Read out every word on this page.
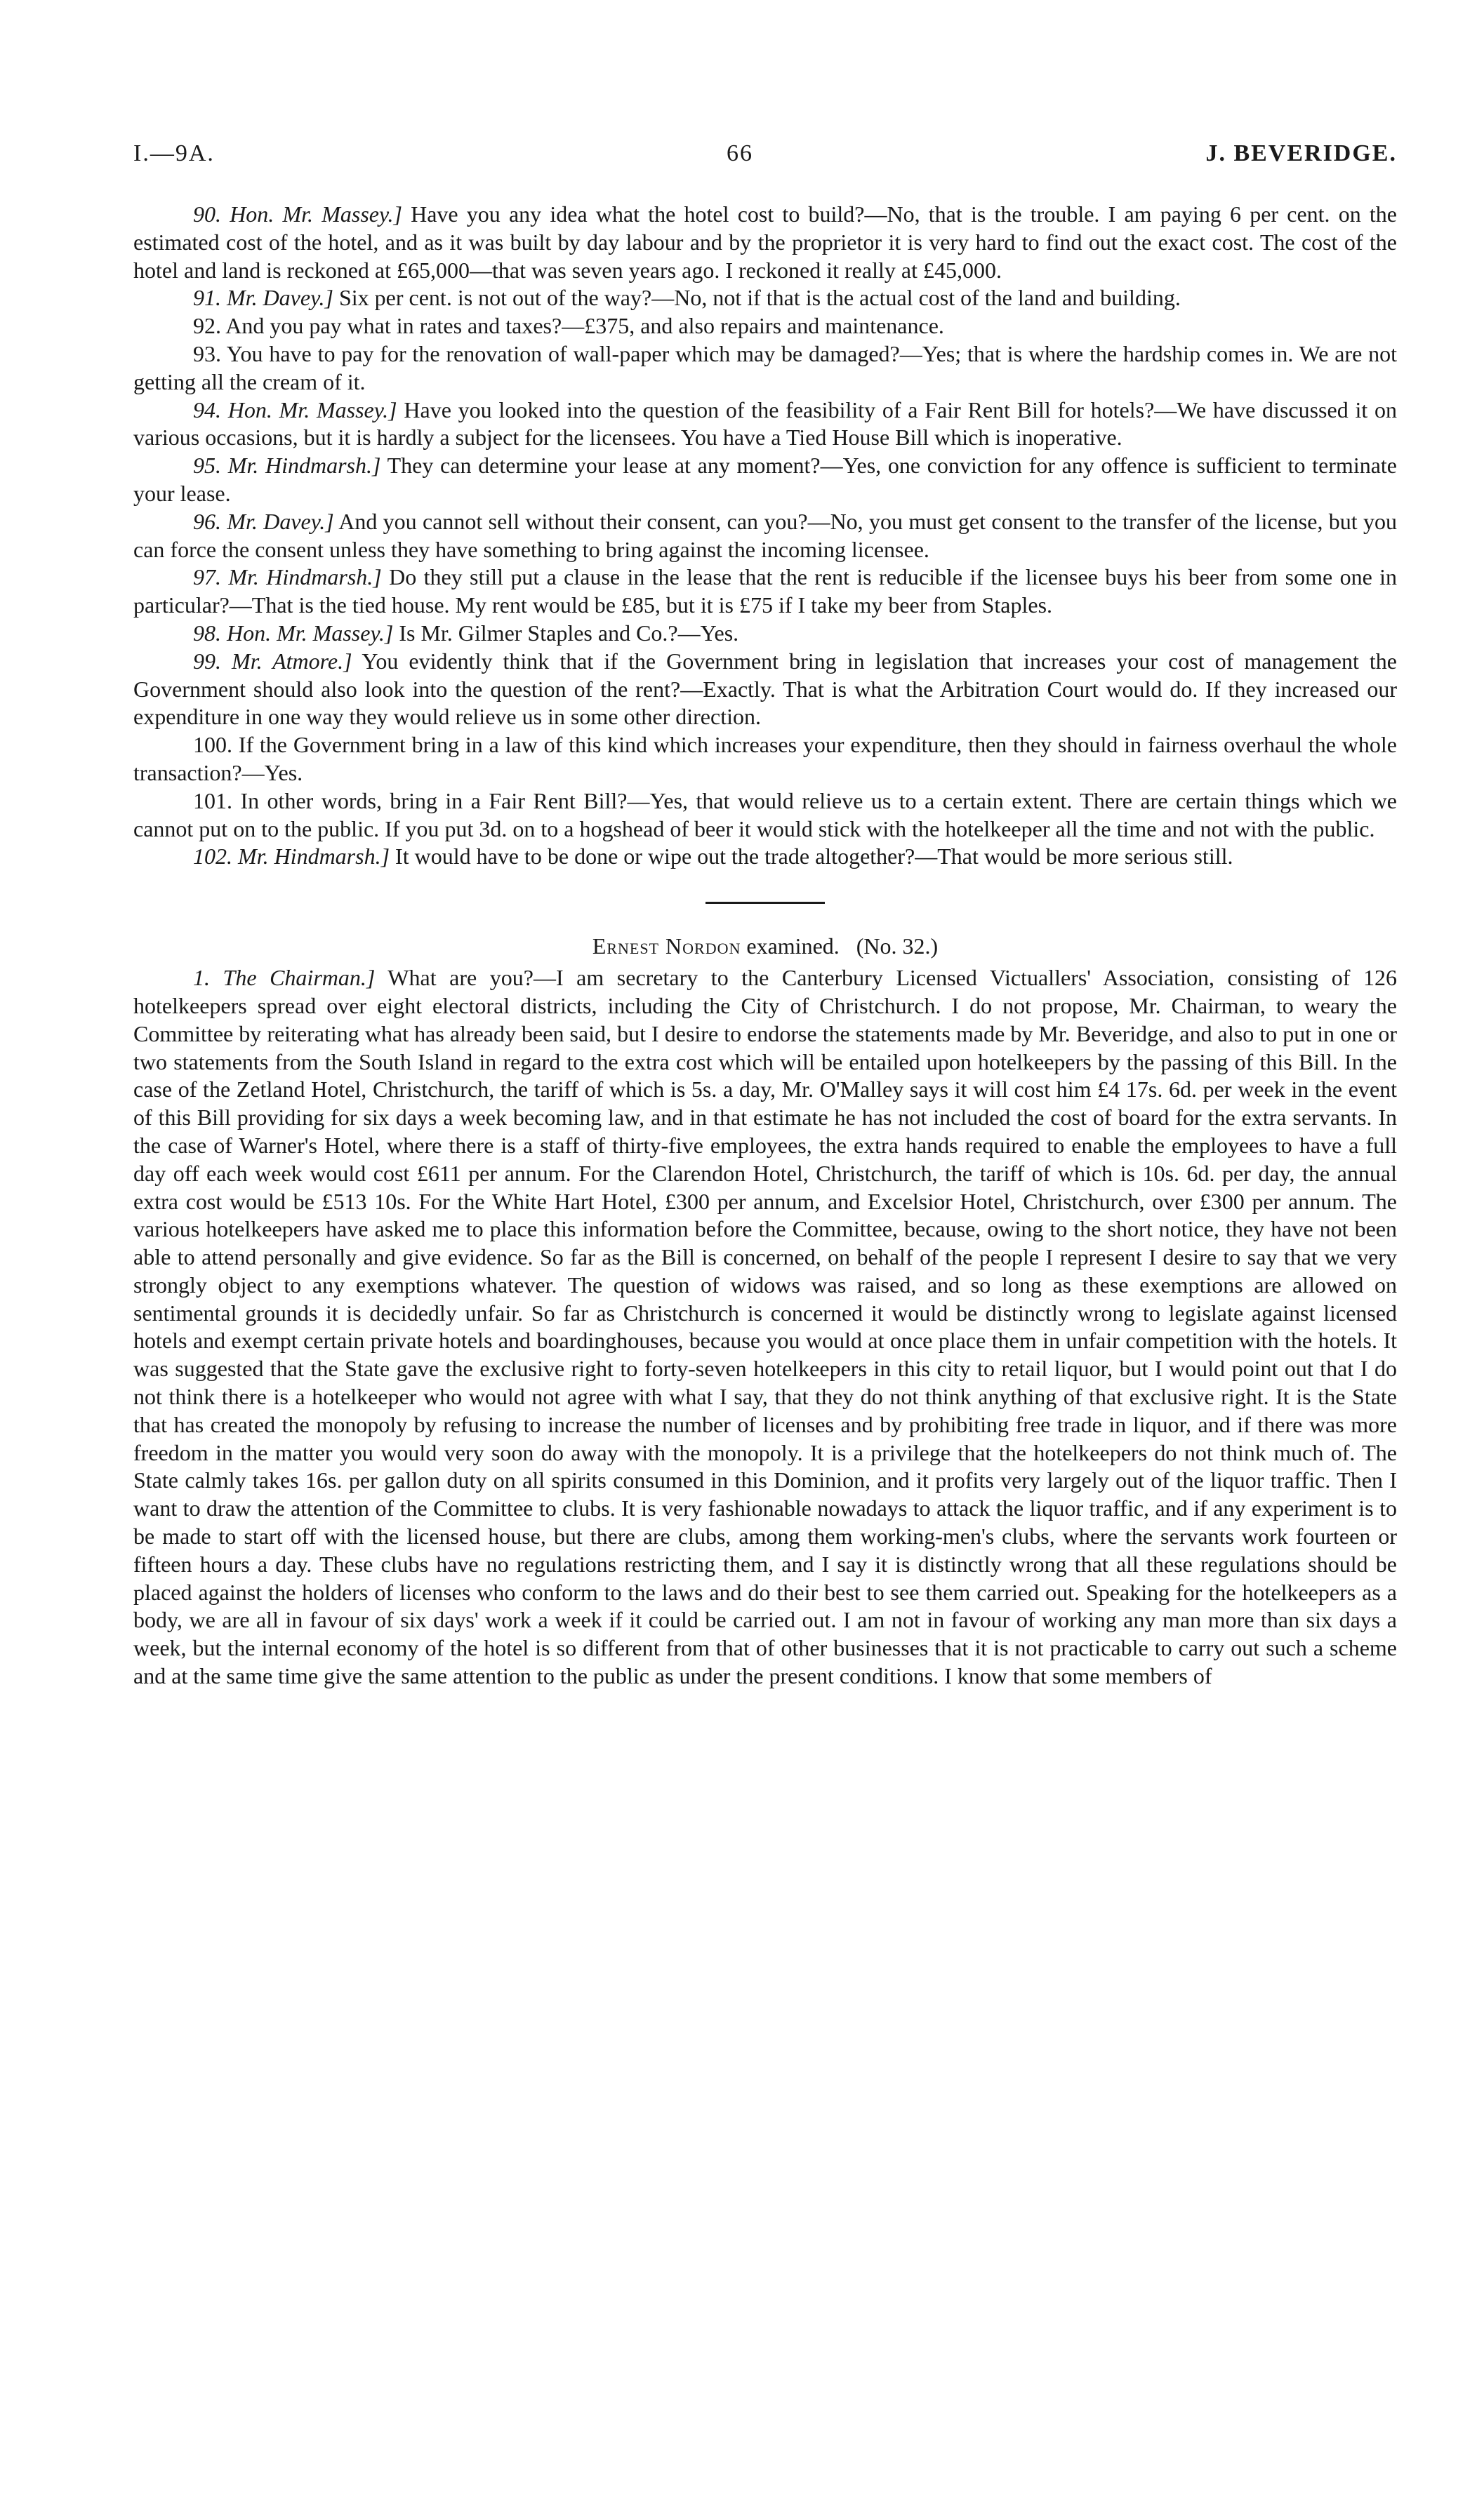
I.—9A.	66	J. BEVERIDGE.

90. Hon. Mr. Massey.] Have you any idea what the hotel cost to build?—No, that is the trouble. I am paying 6 per cent. on the estimated cost of the hotel, and as it was built by day labour and by the proprietor it is very hard to find out the exact cost. The cost of the hotel and land is reckoned at £65,000—that was seven years ago. I reckoned it really at £45,000.

91. Mr. Davey.] Six per cent. is not out of the way?—No, not if that is the actual cost of the land and building.

92. And you pay what in rates and taxes?—£375, and also repairs and maintenance.

93. You have to pay for the renovation of wall-paper which may be damaged?—Yes; that is where the hardship comes in. We are not getting all the cream of it.

94. Hon. Mr. Massey.] Have you looked into the question of the feasibility of a Fair Rent Bill for hotels?—We have discussed it on various occasions, but it is hardly a subject for the licensees. You have a Tied House Bill which is inoperative.

95. Mr. Hindmarsh.] They can determine your lease at any moment?—Yes, one conviction for any offence is sufficient to terminate your lease.

96. Mr. Davey.] And you cannot sell without their consent, can you?—No, you must get consent to the transfer of the license, but you can force the consent unless they have something to bring against the incoming licensee.

97. Mr. Hindmarsh.] Do they still put a clause in the lease that the rent is reducible if the licensee buys his beer from some one in particular?—That is the tied house. My rent would be £85, but it is £75 if I take my beer from Staples.

98. Hon. Mr. Massey.] Is Mr. Gilmer Staples and Co.?—Yes.

99. Mr. Atmore.] You evidently think that if the Government bring in legislation that increases your cost of management the Government should also look into the question of the rent?—Exactly. That is what the Arbitration Court would do. If they increased our expenditure in one way they would relieve us in some other direction.

100. If the Government bring in a law of this kind which increases your expenditure, then they should in fairness overhaul the whole transaction?—Yes.

101. In other words, bring in a Fair Rent Bill?—Yes, that would relieve us to a certain extent. There are certain things which we cannot put on to the public. If you put 3d. on to a hogshead of beer it would stick with the hotelkeeper all the time and not with the public.

102. Mr. Hindmarsh.] It would have to be done or wipe out the trade altogether?—That would be more serious still.

Ernest Nordon examined. (No. 32.)

1. The Chairman.] What are you?—I am secretary to the Canterbury Licensed Victuallers' Association, consisting of 126 hotelkeepers spread over eight electoral districts, including the City of Christchurch. I do not propose, Mr. Chairman, to weary the Committee by reiterating what has already been said, but I desire to endorse the statements made by Mr. Beveridge, and also to put in one or two statements from the South Island in regard to the extra cost which will be entailed upon hotelkeepers by the passing of this Bill. In the case of the Zetland Hotel, Christchurch, the tariff of which is 5s. a day, Mr. O'Malley says it will cost him £4 17s. 6d. per week in the event of this Bill providing for six days a week becoming law, and in that estimate he has not included the cost of board for the extra servants. In the case of Warner's Hotel, where there is a staff of thirty-five employees, the extra hands required to enable the employees to have a full day off each week would cost £611 per annum. For the Clarendon Hotel, Christchurch, the tariff of which is 10s. 6d. per day, the annual extra cost would be £513 10s. For the White Hart Hotel, £300 per annum, and Excelsior Hotel, Christchurch, over £300 per annum. The various hotelkeepers have asked me to place this information before the Committee, because, owing to the short notice, they have not been able to attend personally and give evidence. So far as the Bill is concerned, on behalf of the people I represent I desire to say that we very strongly object to any exemptions whatever. The question of widows was raised, and so long as these exemptions are allowed on sentimental grounds it is decidedly unfair. So far as Christchurch is concerned it would be distinctly wrong to legislate against licensed hotels and exempt certain private hotels and boardinghouses, because you would at once place them in unfair competition with the hotels. It was suggested that the State gave the exclusive right to forty-seven hotelkeepers in this city to retail liquor, but I would point out that I do not think there is a hotelkeeper who would not agree with what I say, that they do not think anything of that exclusive right. It is the State that has created the monopoly by refusing to increase the number of licenses and by prohibiting free trade in liquor, and if there was more freedom in the matter you would very soon do away with the monopoly. It is a privilege that the hotelkeepers do not think much of. The State calmly takes 16s. per gallon duty on all spirits consumed in this Dominion, and it profits very largely out of the liquor traffic. Then I want to draw the attention of the Committee to clubs. It is very fashionable nowadays to attack the liquor traffic, and if any experiment is to be made to start off with the licensed house, but there are clubs, among them working-men's clubs, where the servants work fourteen or fifteen hours a day. These clubs have no regulations restricting them, and I say it is distinctly wrong that all these regulations should be placed against the holders of licenses who conform to the laws and do their best to see them carried out. Speaking for the hotelkeepers as a body, we are all in favour of six days' work a week if it could be carried out. I am not in favour of working any man more than six days a week, but the internal economy of the hotel is so different from that of other businesses that it is not practicable to carry out such a scheme and at the same time give the same attention to the public as under the present conditions. I know that some members of
